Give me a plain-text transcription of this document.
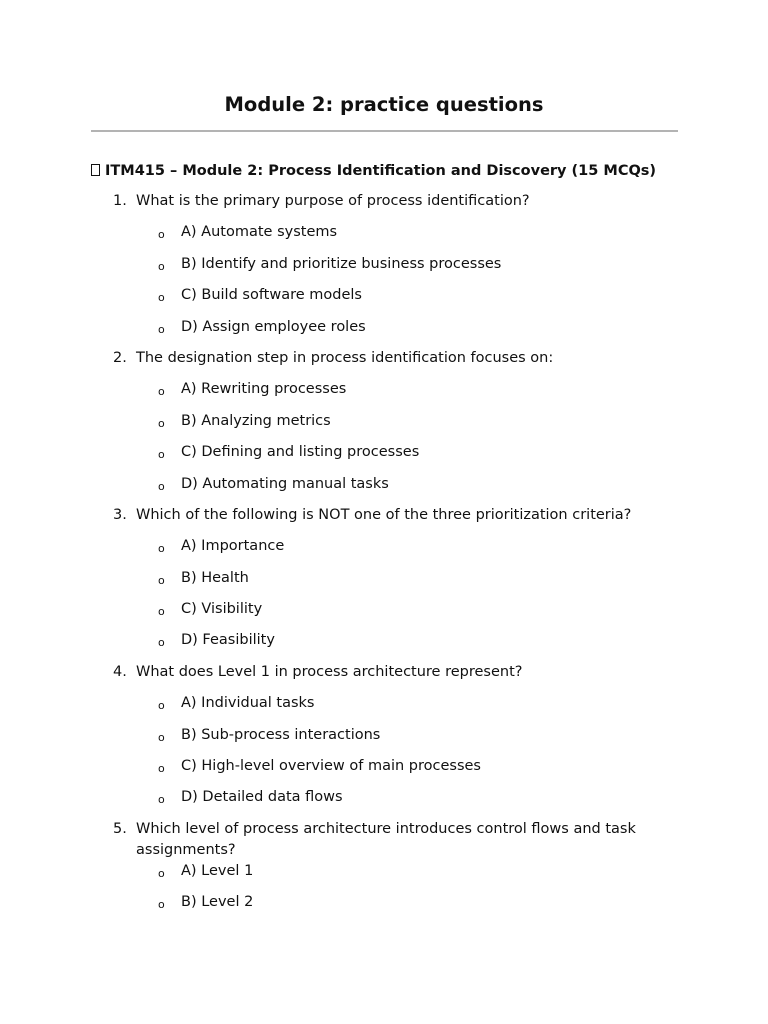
Module 2: practice questions
ITM415 – Module 2: Process Identification and Discovery (15 MCQs)
1. What is the primary purpose of process identification?
o A) Automate systems
o B) Identify and prioritize business processes
o C) Build software models
o D) Assign employee roles
2. The designation step in process identification focuses on:
o A) Rewriting processes
o B) Analyzing metrics
o C) Defining and listing processes
o D) Automating manual tasks
3. Which of the following is NOT one of the three prioritization criteria?
o A) Importance
o B) Health
o C) Visibility
o D) Feasibility
4. What does Level 1 in process architecture represent?
o A) Individual tasks
o B) Sub-process interactions
o C) High-level overview of main processes
o D) Detailed data flows
5. Which level of process architecture introduces control flows and task assignments?
o A) Level 1
o B) Level 2
